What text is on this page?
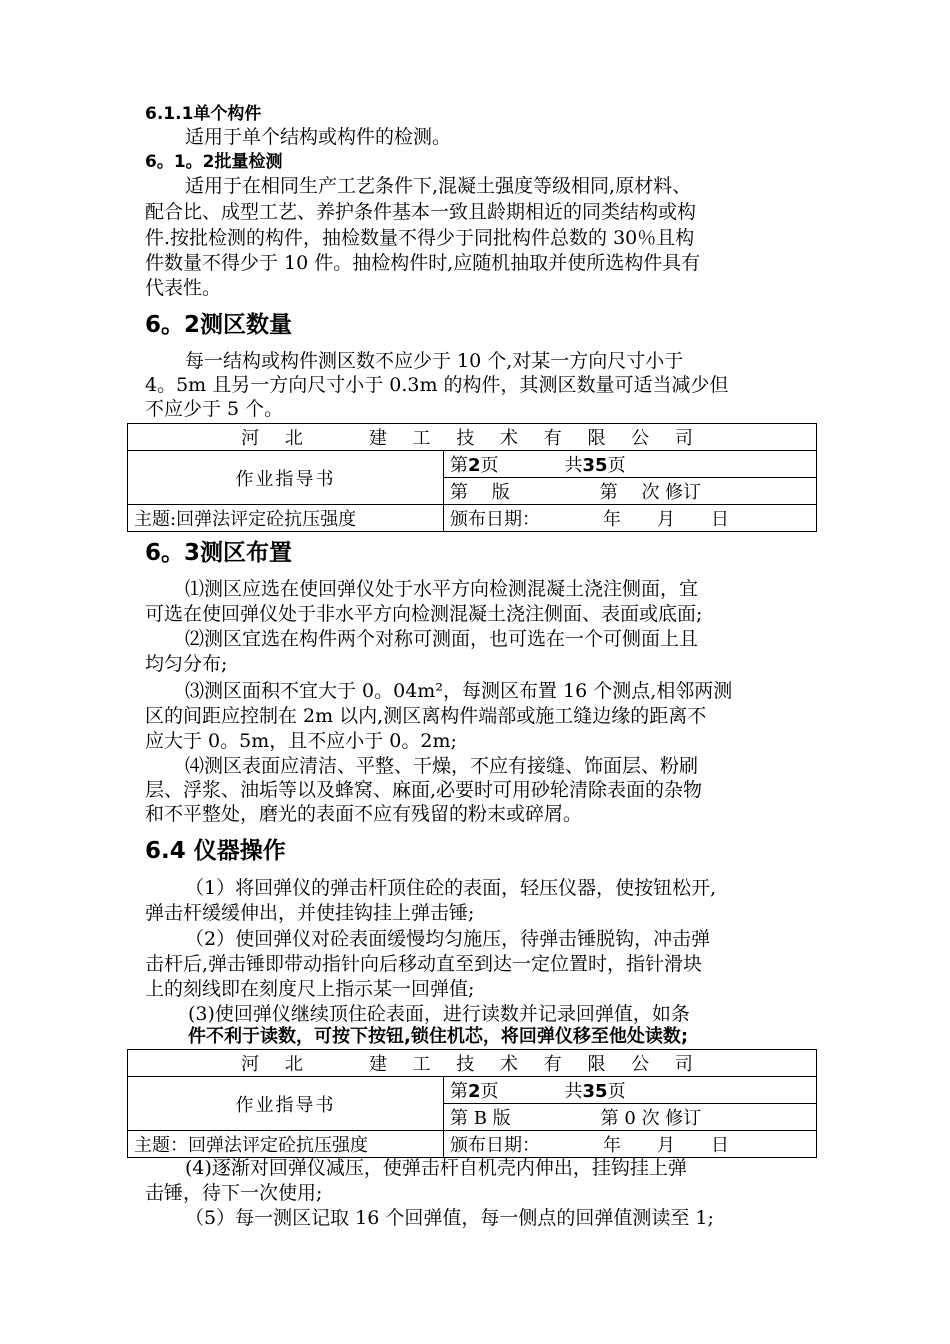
6.1.1单个构件
适用于单个结构或构件的检测。
6。1。2批量检测
适用于在相同生产工艺条件下,混凝土强度等级相同,原材料、
配合比、成型工艺、养护条件基本一致且龄期相近的同类结构或构
件.按批检测的构件，抽检数量不得少于同批构件总数的 30％且构
件数量不得少于 10 件。抽检构件时,应随机抽取并使所选构件具有
代表性。
6。2测区数量
每一结构或构件测区数不应少于 10 个,对某一方向尺寸小于
4。5m 且另一方向尺寸小于 0.3m 的构件，其测区数量可适当减少但
不应少于 5 个。
河 北　　建 工 技 术 有 限 公 司	
作业指导书	第2页 共35页
	第　 版　　　　　第　 次 修订
主题:回弹法评定砼抗压强度	颁布日期：　　　　年　　月　　日
6。3测区布置
⑴测区应选在使回弹仪处于水平方向检测混凝土浇注侧面，宜
可选在使回弹仪处于非水平方向检测混凝土浇注侧面、表面或底面;
⑵测区宜选在构件两个对称可测面，也可选在一个可侧面上且
均匀分布;
⑶测区面积不宜大于 0。04m²，每测区布置 16 个测点,相邻两测
区的间距应控制在 2m 以内,测区离构件端部或施工缝边缘的距离不
应大于 0。5m，且不应小于 0。2m;
⑷测区表面应清洁、平整、干燥，不应有接缝、饰面层、粉刷
层、浮浆、油垢等以及蜂窝、麻面,必要时可用砂轮清除表面的杂物
和不平整处，磨光的表面不应有残留的粉末或碎屑。
6.4 仪器操作
（1）将回弹仪的弹击杆顶住砼的表面，轻压仪器，使按钮松开,
弹击杆缓缓伸出，并使挂钩挂上弹击锤;
（2）使回弹仪对砼表面缓慢均匀施压，待弹击锤脱钩，冲击弹
击杆后,弹击锤即带动指针向后移动直至到达一定位置时，指针滑块
上的刻线即在刻度尺上指示某一回弹值;
(3)使回弹仪继续顶住砼表面，进行读数并记录回弹值，如条
件不利于读数，可按下按钮,锁住机芯，将回弹仪移至他处读数;
河 北　　建 工 技 术 有 限 公 司	
作业指导书	第2页 共35页
	第 B 版　　　　　第 0 次 修订
主题：回弹法评定砼抗压强度	颁布日期：　　　　年　　月　　日
(4)逐渐对回弹仪减压，使弹击杆自机壳内伸出，挂钩挂上弹
击锤，待下一次使用;
（5）每一测区记取 16 个回弹值，每一侧点的回弹值测读至 1;
